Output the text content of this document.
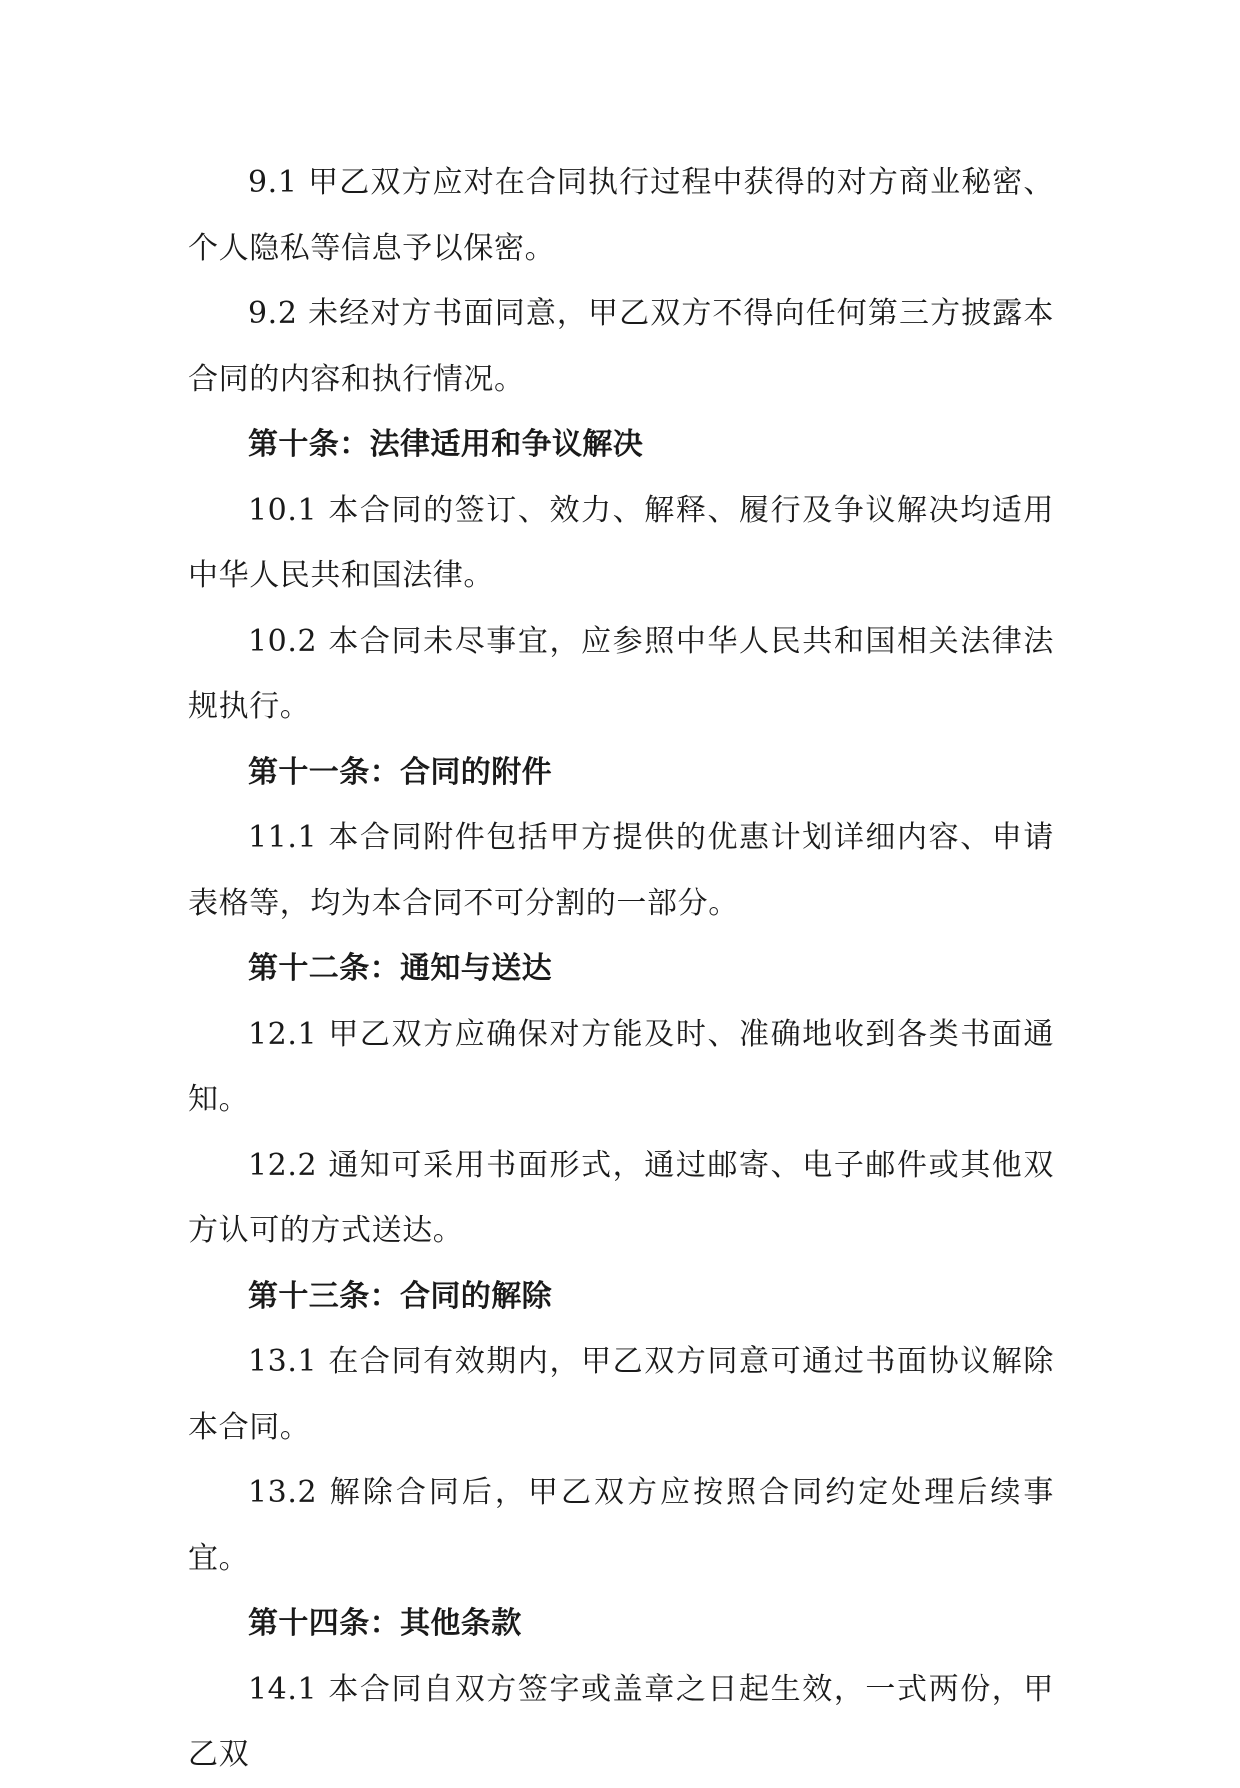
9.1 甲乙双方应对在合同执行过程中获得的对方商业秘密、个人隐私等信息予以保密。

9.2 未经对方书面同意，甲乙双方不得向任何第三方披露本合同的内容和执行情况。

第十条：法律适用和争议解决

10.1 本合同的签订、效力、解释、履行及争议解决均适用中华人民共和国法律。

10.2 本合同未尽事宜，应参照中华人民共和国相关法律法规执行。

第十一条：合同的附件

11.1 本合同附件包括甲方提供的优惠计划详细内容、申请表格等，均为本合同不可分割的一部分。

第十二条：通知与送达

12.1 甲乙双方应确保对方能及时、准确地收到各类书面通知。

12.2 通知可采用书面形式，通过邮寄、电子邮件或其他双方认可的方式送达。

第十三条：合同的解除

13.1 在合同有效期内，甲乙双方同意可通过书面协议解除本合同。

13.2 解除合同后，甲乙双方应按照合同约定处理后续事宜。

第十四条：其他条款

14.1 本合同自双方签字或盖章之日起生效，一式两份，甲乙双
